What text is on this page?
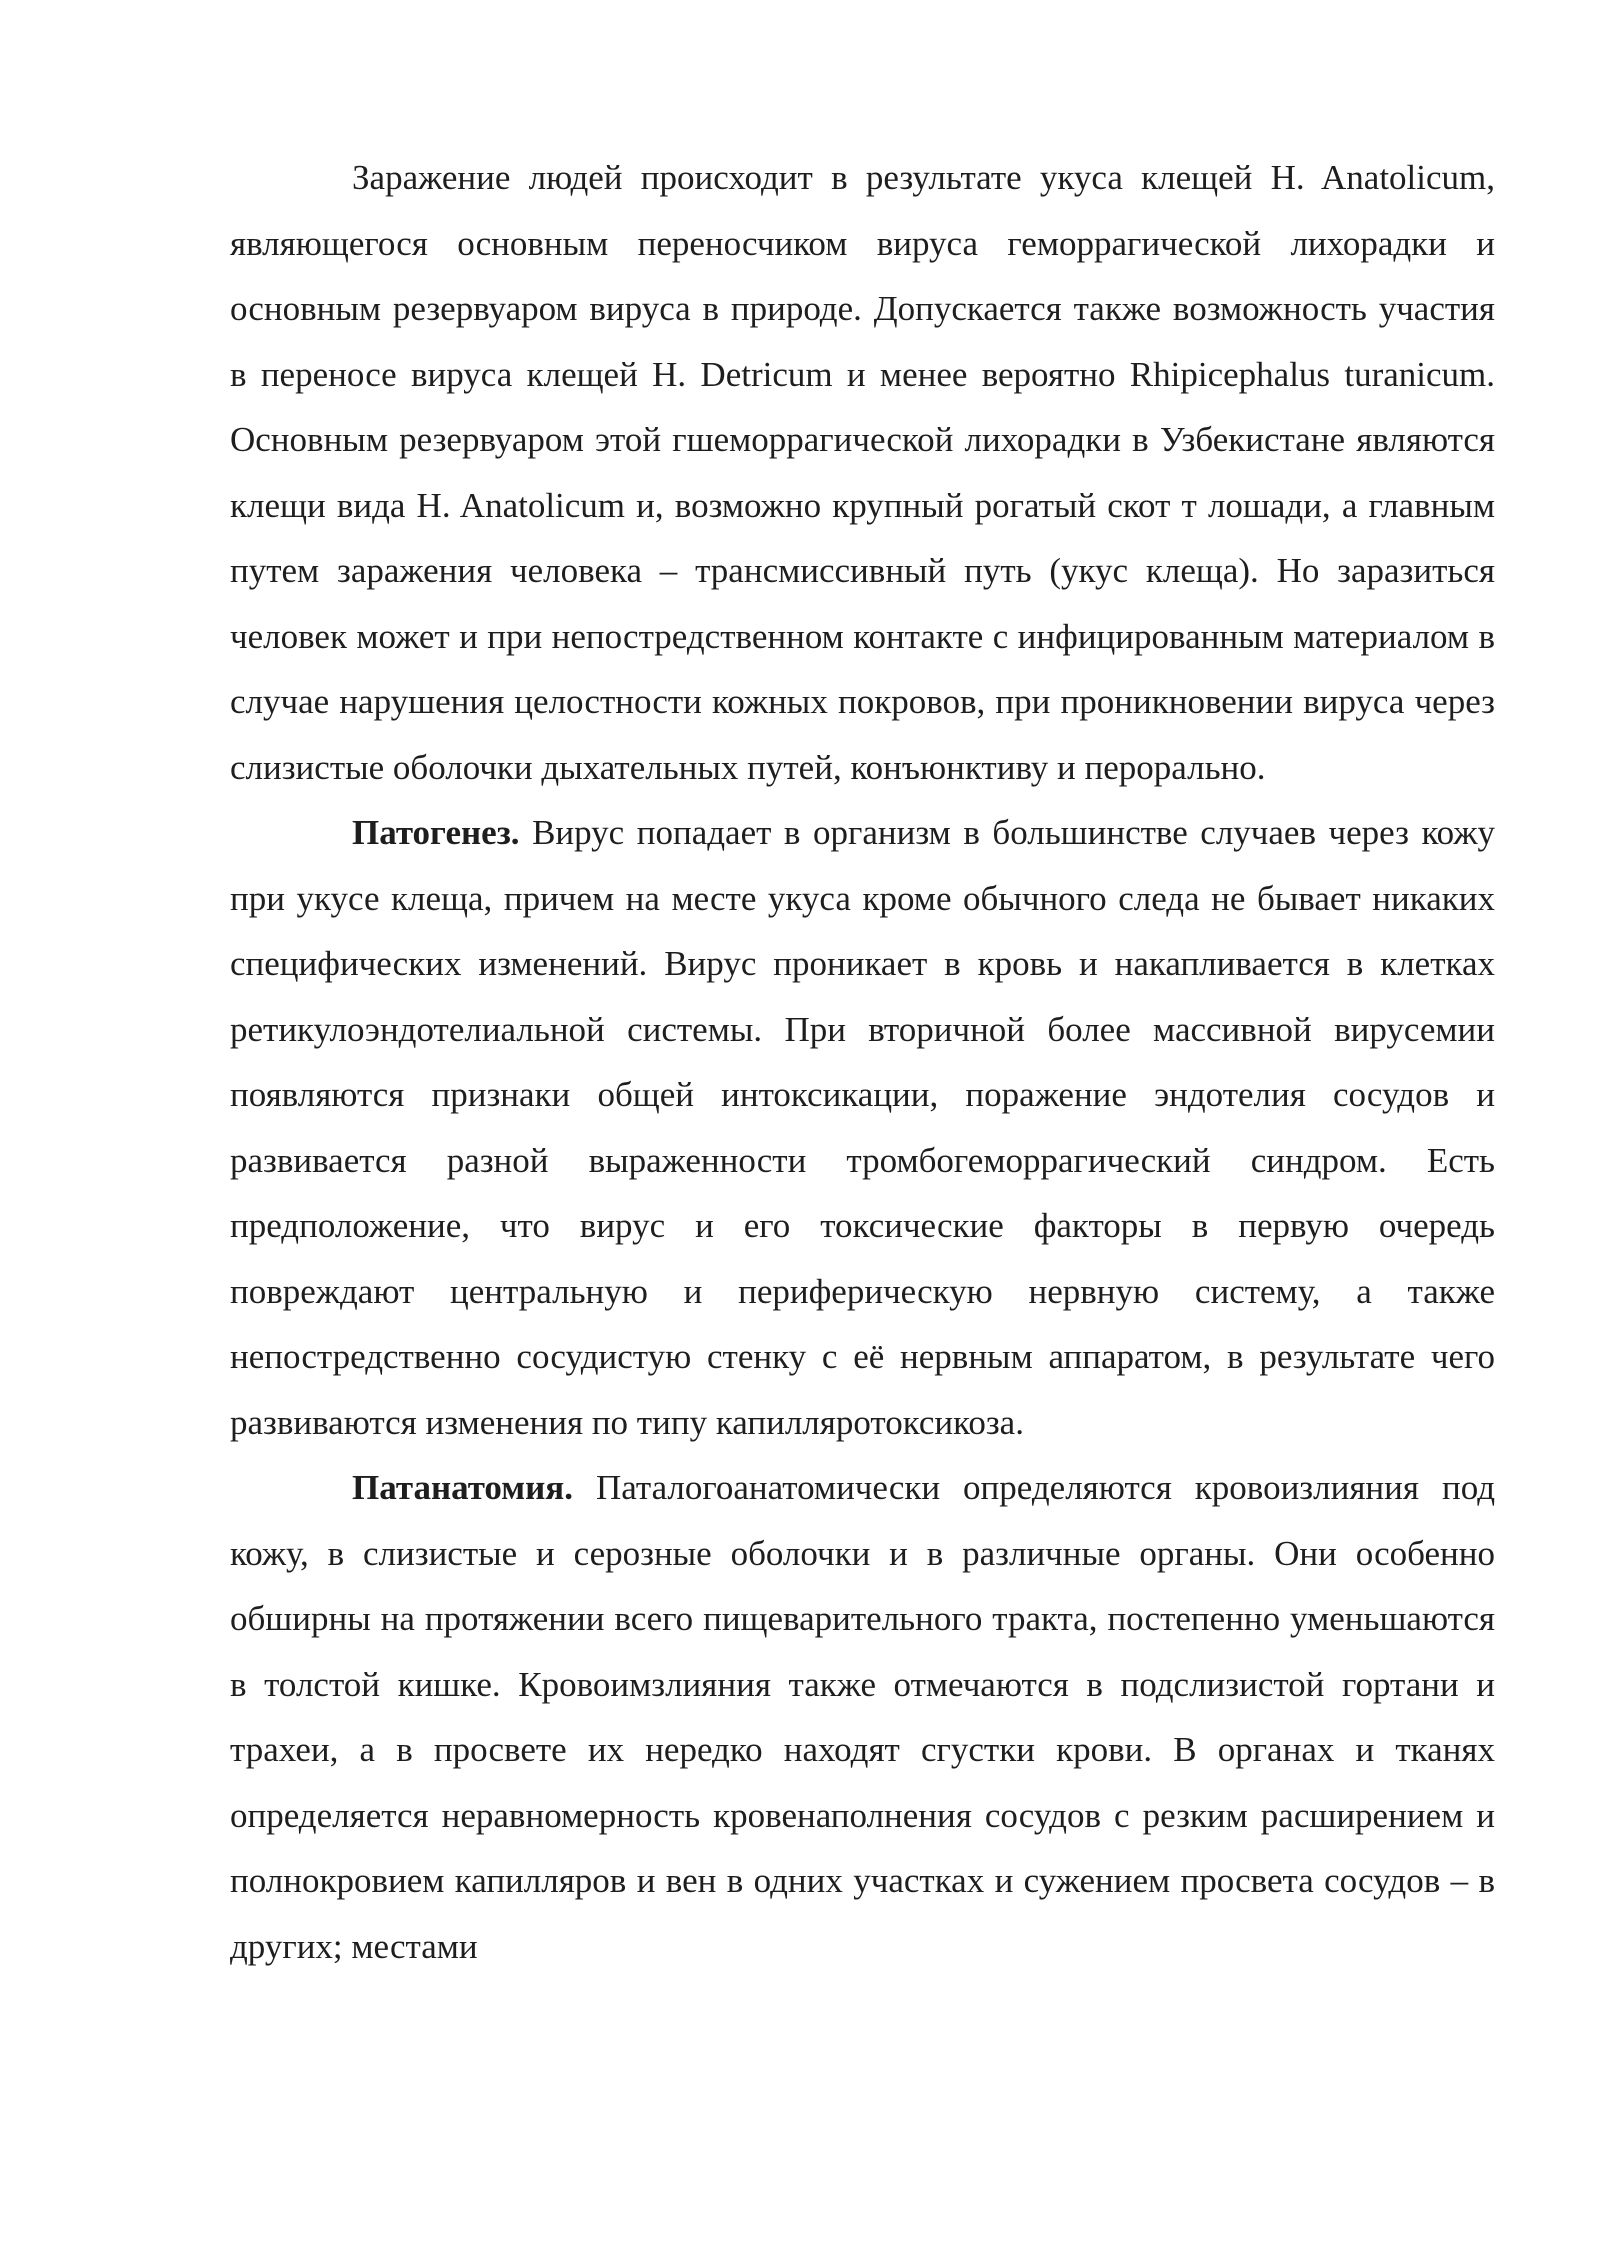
Заражение людей происходит в результате укуса клещей H. Anatolicum, являющегося основным переносчиком вируса геморрагической лихорадки и основным резервуаром вируса в природе. Допускается также возможность участия в переносе вируса клещей H. Detricum и менее вероятно Rhipicephalus turanicum. Основным резервуаром этой гшеморрагической лихорадки в Узбекистане являются клещи вида H. Anatolicum и, возможно крупный рогатый скот т лошади, а главным путем заражения человека – трансмиссивный путь (укус клеща). Но заразиться человек может и при непостредственном контакте с инфицированным материалом в случае нарушения целостности кожных покровов, при проникновении вируса через слизистые оболочки дыхательных путей, конъюнктиву и перорально.

Патогенез. Вирус попадает в организм в большинстве случаев через кожу при укусе клеща, причем на месте укуса кроме обычного следа не бывает никаких специфических изменений. Вирус проникает в кровь и накапливается в клетках ретикулоэндотелиальной системы. При вторичной более массивной вирусемии появляются признаки общей интоксикации, поражение эндотелия сосудов и развивается разной выраженности тромбогеморрагический синдром. Есть предположение, что вирус и его токсические факторы в первую очередь повреждают центральную и периферическую нервную систему, а также непостредственно сосудистую стенку с её нервным аппаратом, в результате чего развиваются изменения по типу капилляротоксикоза.

Патанатомия. Паталогоанатомически определяются кровоизлияния под кожу, в слизистые и серозные оболочки и в различные органы. Они особенно обширны на протяжении всего пищеварительного тракта, постепенно уменьшаются в толстой кишке. Кровоимзлияния также отмечаются в подслизистой гортани и трахеи, а в просвете их нередко находят сгустки крови. В органах и тканях определяется неравномерность кровенаполнения сосудов с резким расширением и полнокровием капилляров и вен в одних участках и сужением просвета сосудов – в других; местами
